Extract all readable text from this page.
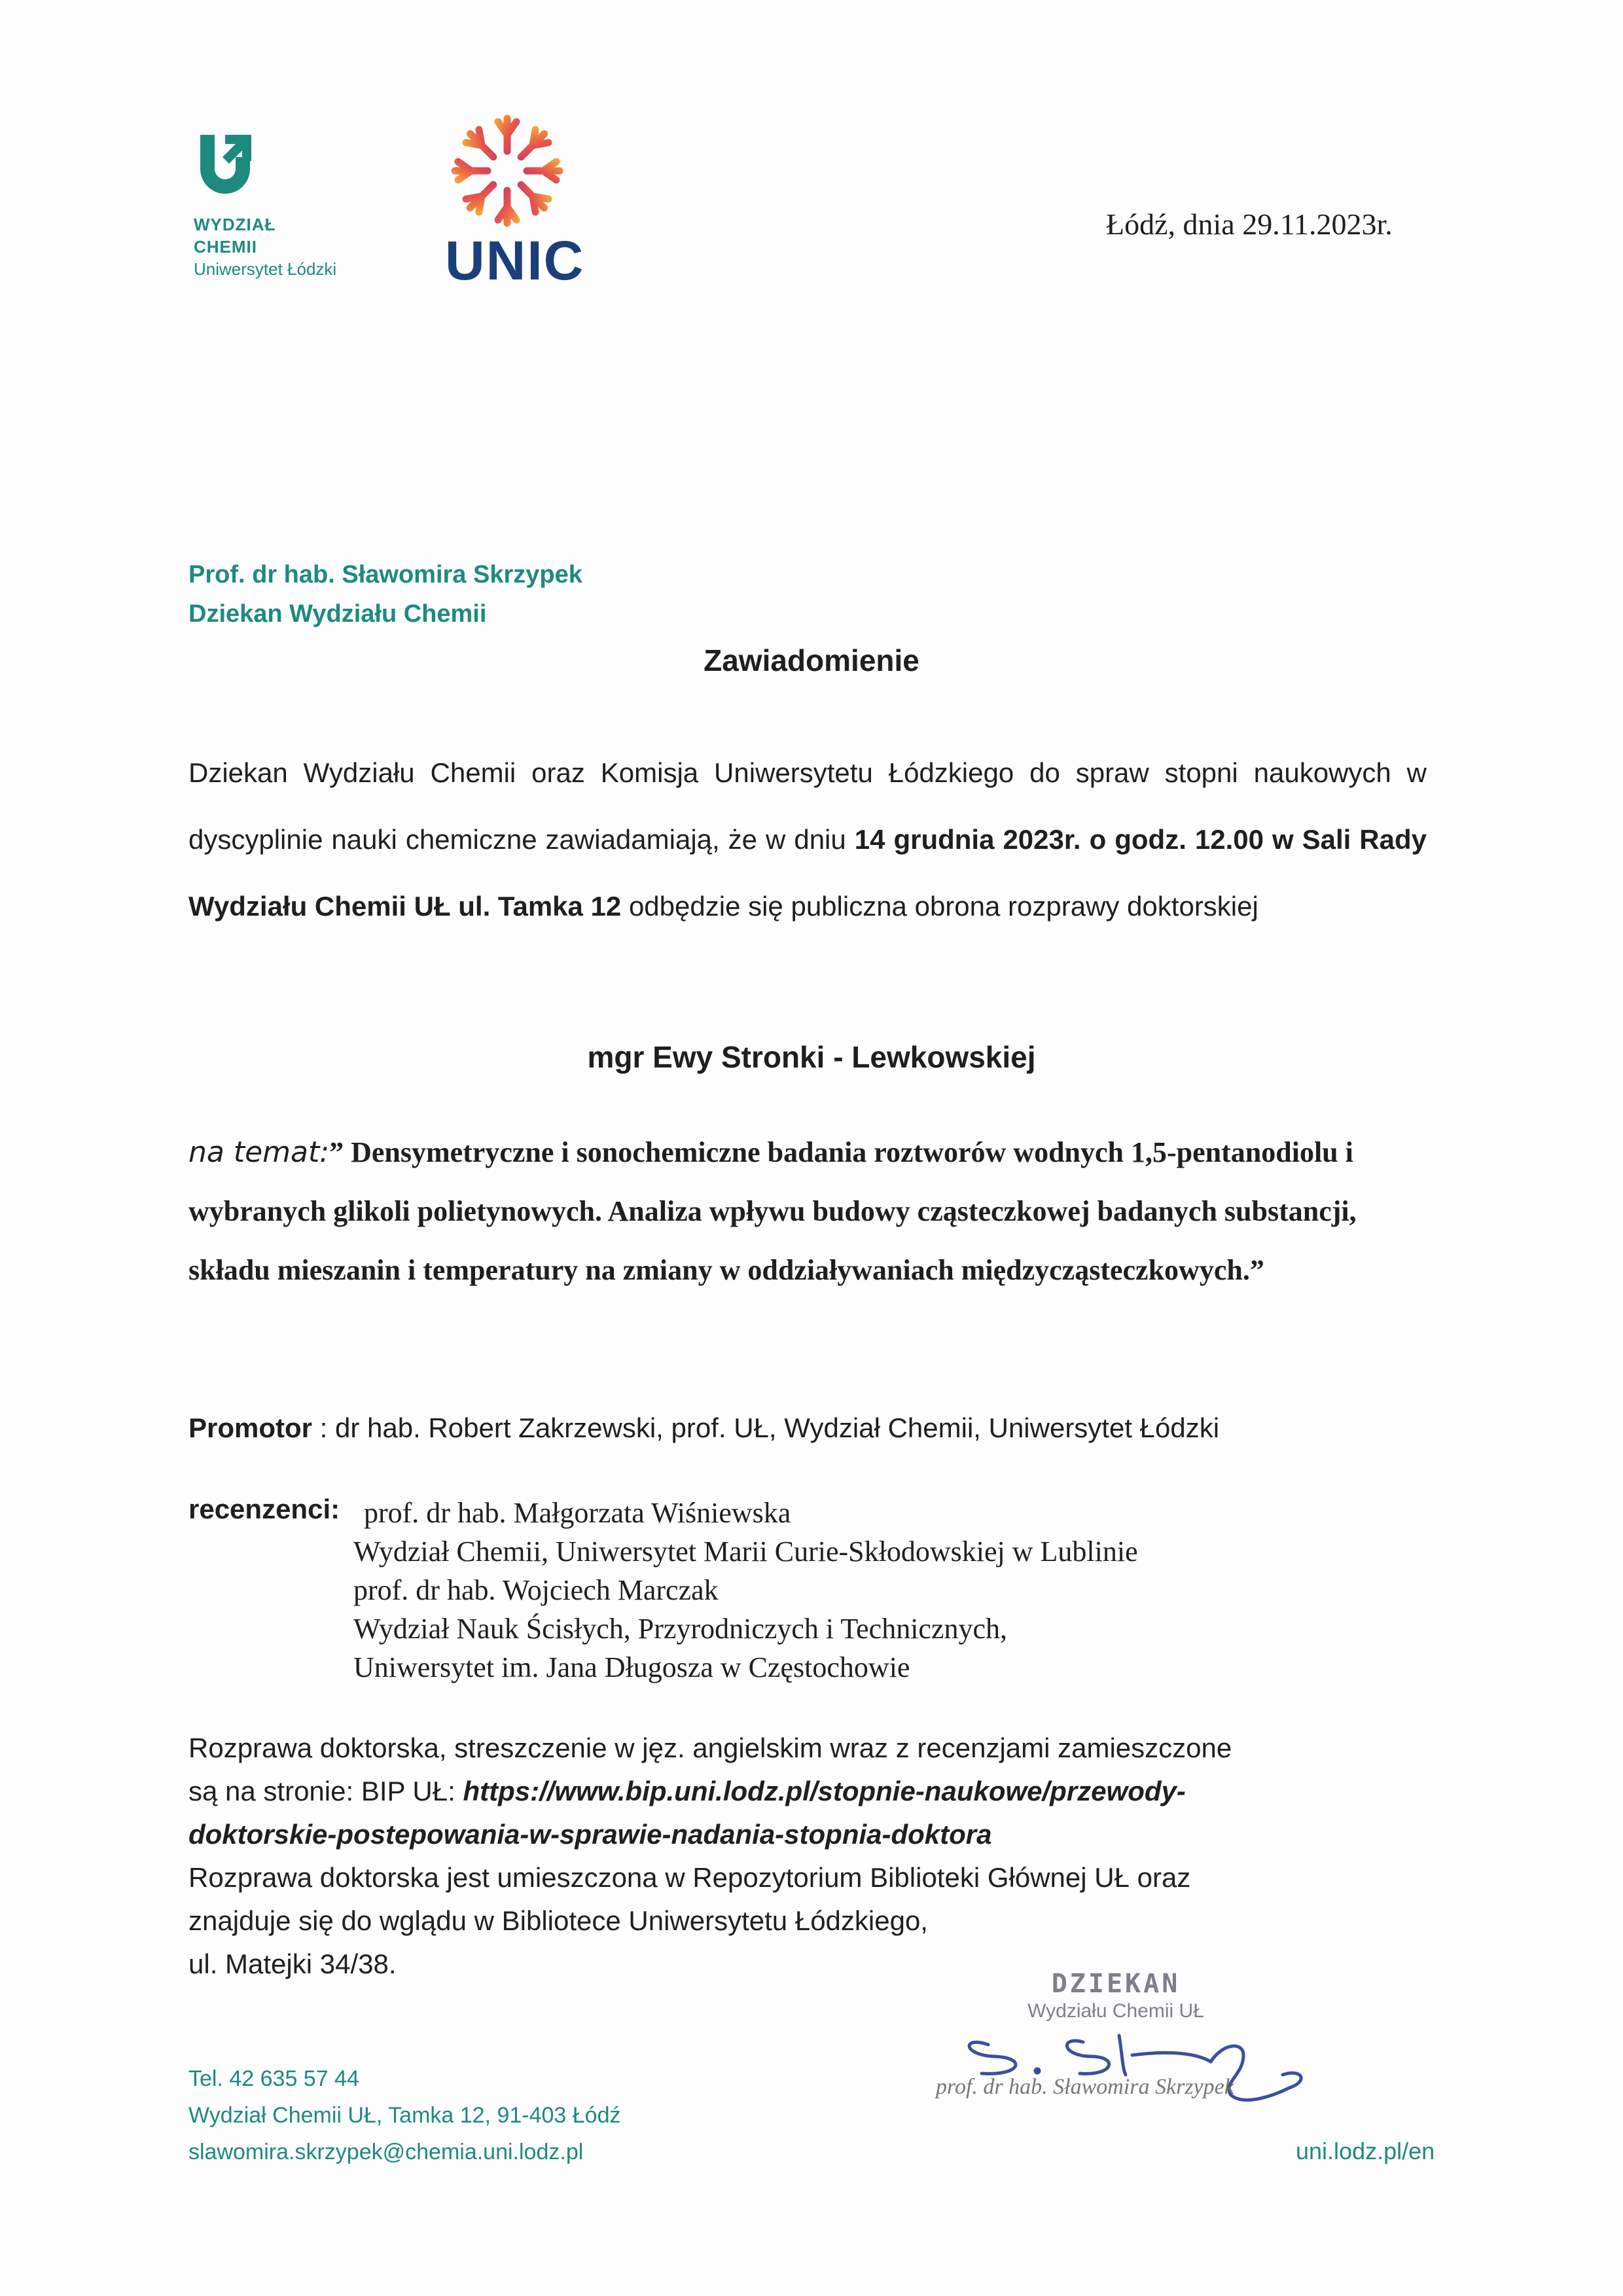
WYDZIAŁ
CHEMII
Uniwersytet Łódzki UNIC
Łódź, dnia 29.11.2023r.
Prof. dr hab. Sławomira Skrzypek
Dziekan Wydziału Chemii
Zawiadomienie
Dziekan Wydziału Chemii oraz Komisja Uniwersytetu Łódzkiego do spraw stopni naukowych w dyscyplinie nauki chemiczne zawiadamiają, że w dniu 14 grudnia 2023r. o godz. 12.00 w Sali Rady Wydziału Chemii UŁ ul. Tamka 12 odbędzie się publiczna obrona rozprawy doktorskiej
mgr Ewy Stronki - Lewkowskiej
na temat:” Densymetryczne i sonochemiczne badania roztworów wodnych 1,5-pentanodiolu i wybranych glikoli polietynowych. Analiza wpływu budowy cząsteczkowej badanych substancji, składu mieszanin i temperatury na zmiany w oddziaływaniach międzycząsteczkowych.”
Promotor : dr hab. Robert Zakrzewski, prof. UŁ, Wydział Chemii, Uniwersytet Łódzki
recenzenci: prof. dr hab. Małgorzata Wiśniewska
Wydział Chemii, Uniwersytet Marii Curie-Skłodowskiej w Lublinie
prof. dr hab. Wojciech Marczak
Wydział Nauk Ścisłych, Przyrodniczych i Technicznych,
Uniwersytet im. Jana Długosza w Częstochowie
Rozprawa doktorska, streszczenie w jęz. angielskim wraz z recenzjami zamieszczone
są na stronie: BIP UŁ: https://www.bip.uni.lodz.pl/stopnie-naukowe/przewody-
doktorskie-postepowania-w-sprawie-nadania-stopnia-doktora
Rozprawa doktorska jest umieszczona w Repozytorium Biblioteki Głównej UŁ oraz
znajduje się do wglądu w Bibliotece Uniwersytetu Łódzkiego,
ul. Matejki 34/38.
DZIEKAN
Wydziału Chemii UŁ
prof. dr hab. Sławomira Skrzypek
Tel. 42 635 57 44
Wydział Chemii UŁ, Tamka 12, 91-403 Łódź
slawomira.skrzypek@chemia.uni.lodz.pl	uni.lodz.pl/en
